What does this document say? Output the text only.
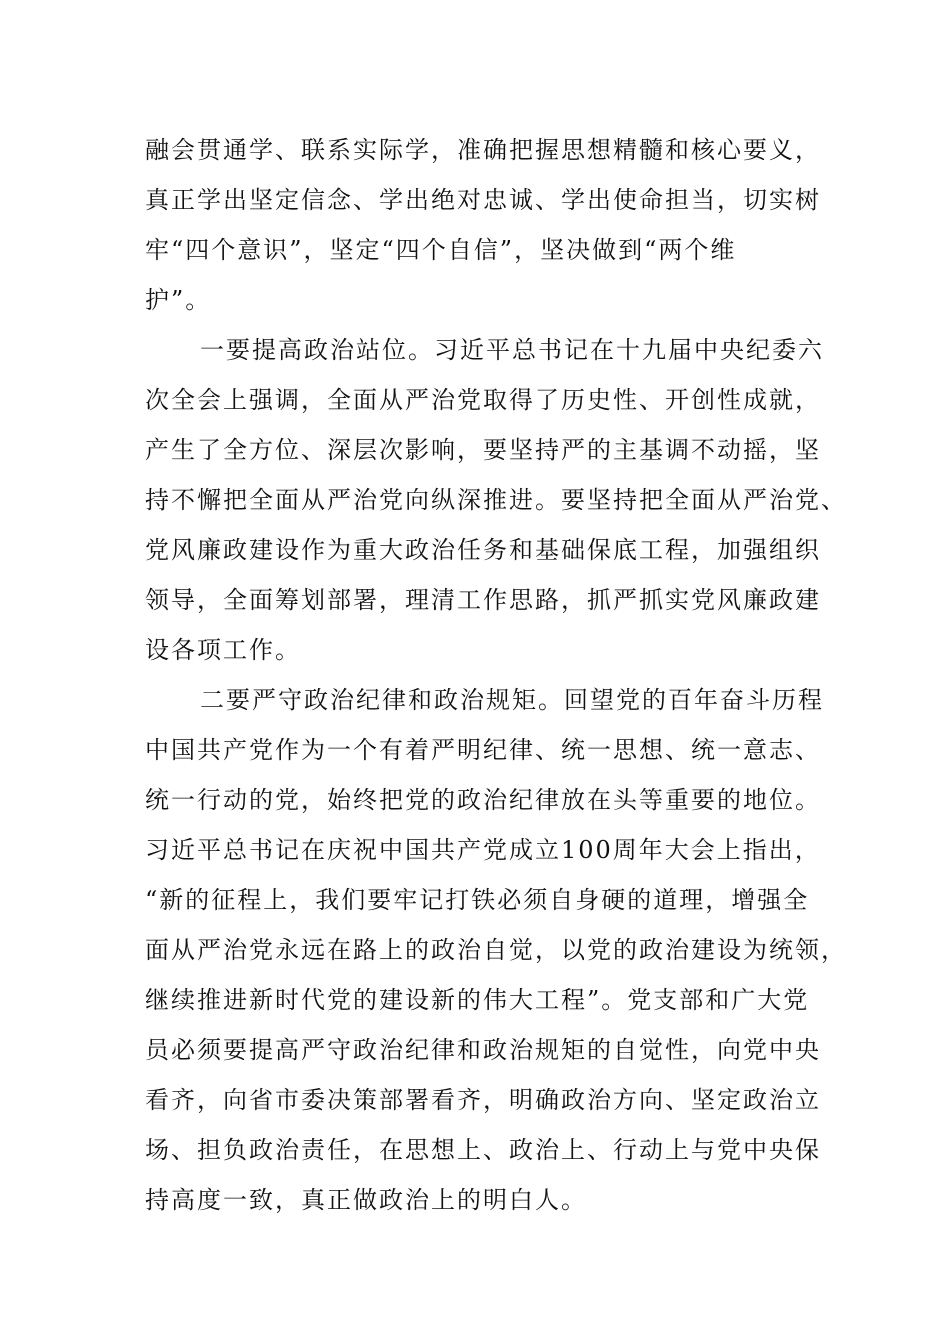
融会贯通学、联系实际学，准确把握思想精髓和核心要义，
真正学出坚定信念、学出绝对忠诚、学出使命担当，切实树
牢“四个意识”，坚定“四个自信”，坚决做到“两个维
护”。
一要提高政治站位。习近平总书记在十九届中央纪委六
次全会上强调，全面从严治党取得了历史性、开创性成就，
产生了全方位、深层次影响，要坚持严的主基调不动摇，坚
持不懈把全面从严治党向纵深推进。要坚持把全面从严治党、
党风廉政建设作为重大政治任务和基础保底工程，加强组织
领导，全面筹划部署，理清工作思路，抓严抓实党风廉政建
设各项工作。
二要严守政治纪律和政治规矩。回望党的百年奋斗历程
中国共产党作为一个有着严明纪律、统一思想、统一意志、
统一行动的党，始终把党的政治纪律放在头等重要的地位。
习近平总书记在庆祝中国共产党成立100周年大会上指出，
“新的征程上，我们要牢记打铁必须自身硬的道理，增强全
面从严治党永远在路上的政治自觉，以党的政治建设为统领，
继续推进新时代党的建设新的伟大工程”。党支部和广大党
员必须要提高严守政治纪律和政治规矩的自觉性，向党中央
看齐，向省市委决策部署看齐，明确政治方向、坚定政治立
场、担负政治责任，在思想上、政治上、行动上与党中央保
持高度一致，真正做政治上的明白人。
